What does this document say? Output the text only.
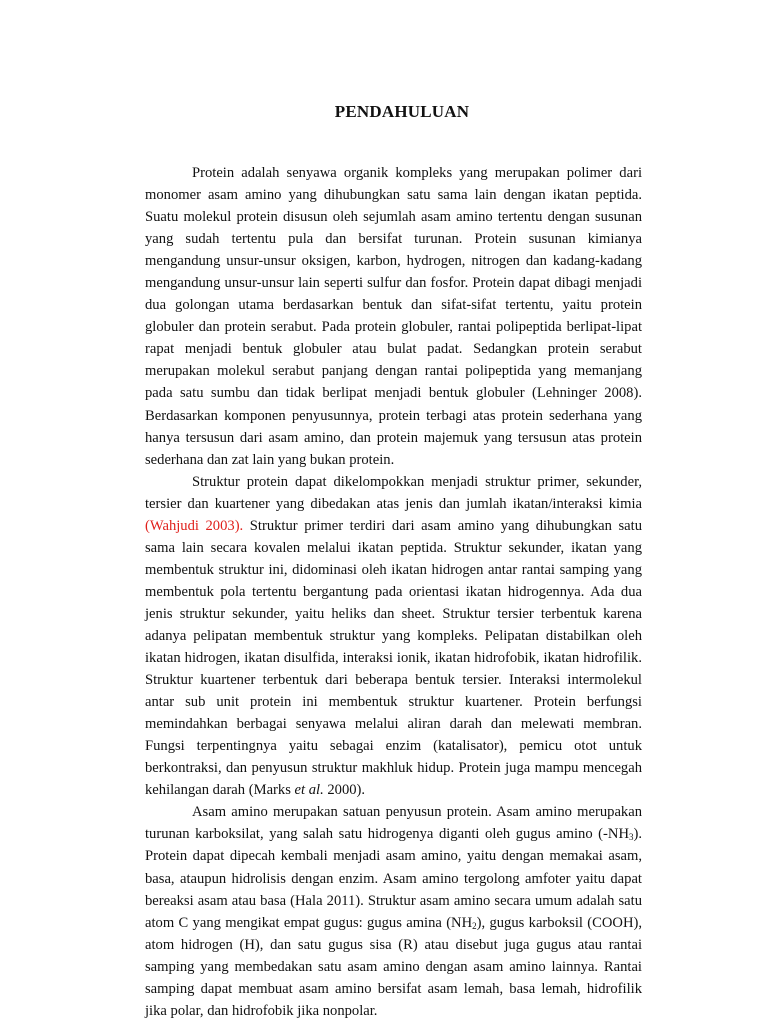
PENDAHULUAN

Protein adalah senyawa organik kompleks yang merupakan polimer dari monomer asam amino yang dihubungkan satu sama lain dengan ikatan peptida. Suatu molekul protein disusun oleh sejumlah asam amino tertentu dengan susunan yang sudah tertentu pula dan bersifat turunan. Protein susunan kimianya mengandung unsur-unsur oksigen, karbon, hydrogen, nitrogen dan kadang-kadang mengandung unsur-unsur lain seperti sulfur dan fosfor. Protein dapat dibagi menjadi dua golongan utama berdasarkan bentuk dan sifat-sifat tertentu, yaitu protein globuler dan protein serabut. Pada protein globuler, rantai polipeptida berlipat-lipat rapat menjadi bentuk globuler atau bulat padat. Sedangkan protein serabut merupakan molekul serabut panjang dengan rantai polipeptida yang memanjang pada satu sumbu dan tidak berlipat menjadi bentuk globuler (Lehninger 2008). Berdasarkan komponen penyusunnya, protein terbagi atas protein sederhana yang hanya tersusun dari asam amino, dan protein majemuk yang tersusun atas protein sederhana dan zat lain yang bukan protein.

Struktur protein dapat dikelompokkan menjadi struktur primer, sekunder, tersier dan kuartener yang dibedakan atas jenis dan jumlah ikatan/interaksi kimia (Wahjudi 2003). Struktur primer terdiri dari asam amino yang dihubungkan satu sama lain secara kovalen melalui ikatan peptida. Struktur sekunder, ikatan yang membentuk struktur ini, didominasi oleh ikatan hidrogen antar rantai samping yang membentuk pola tertentu bergantung pada orientasi ikatan hidrogennya. Ada dua jenis struktur sekunder, yaitu heliks dan sheet. Struktur tersier terbentuk karena adanya pelipatan membentuk struktur yang kompleks. Pelipatan distabilkan oleh ikatan hidrogen, ikatan disulfida, interaksi ionik, ikatan hidrofobik, ikatan hidrofilik. Struktur kuartener terbentuk dari beberapa bentuk tersier. Interaksi intermolekul antar sub unit protein ini membentuk struktur kuartener. Protein berfungsi memindahkan berbagai senyawa melalui aliran darah dan melewati membran. Fungsi terpentingnya yaitu sebagai enzim (katalisator), pemicu otot untuk berkontraksi, dan penyusun struktur makhluk hidup. Protein juga mampu mencegah kehilangan darah (Marks et al. 2000).

Asam amino merupakan satuan penyusun protein. Asam amino merupakan turunan karboksilat, yang salah satu hidrogenya diganti oleh gugus amino $(-NH_3)$. Protein dapat dipecah kembali menjadi asam amino, yaitu dengan memakai asam, basa, ataupun hidrolisis dengan enzim. Asam amino tergolong amfoter yaitu dapat bereaksi asam atau basa (Hala 2011). Struktur asam amino secara umum adalah satu atom C yang mengikat empat gugus: gugus amina $(NH_2)$, gugus karboksil (COOH), atom hidrogen (H), dan satu gugus sisa (R) atau disebut juga gugus atau rantai samping yang membedakan satu asam amino dengan asam amino lainnya. Rantai samping dapat membuat asam amino bersifat asam lemah, basa lemah, hidrofilik jika polar, dan hidrofobik jika nonpolar.
